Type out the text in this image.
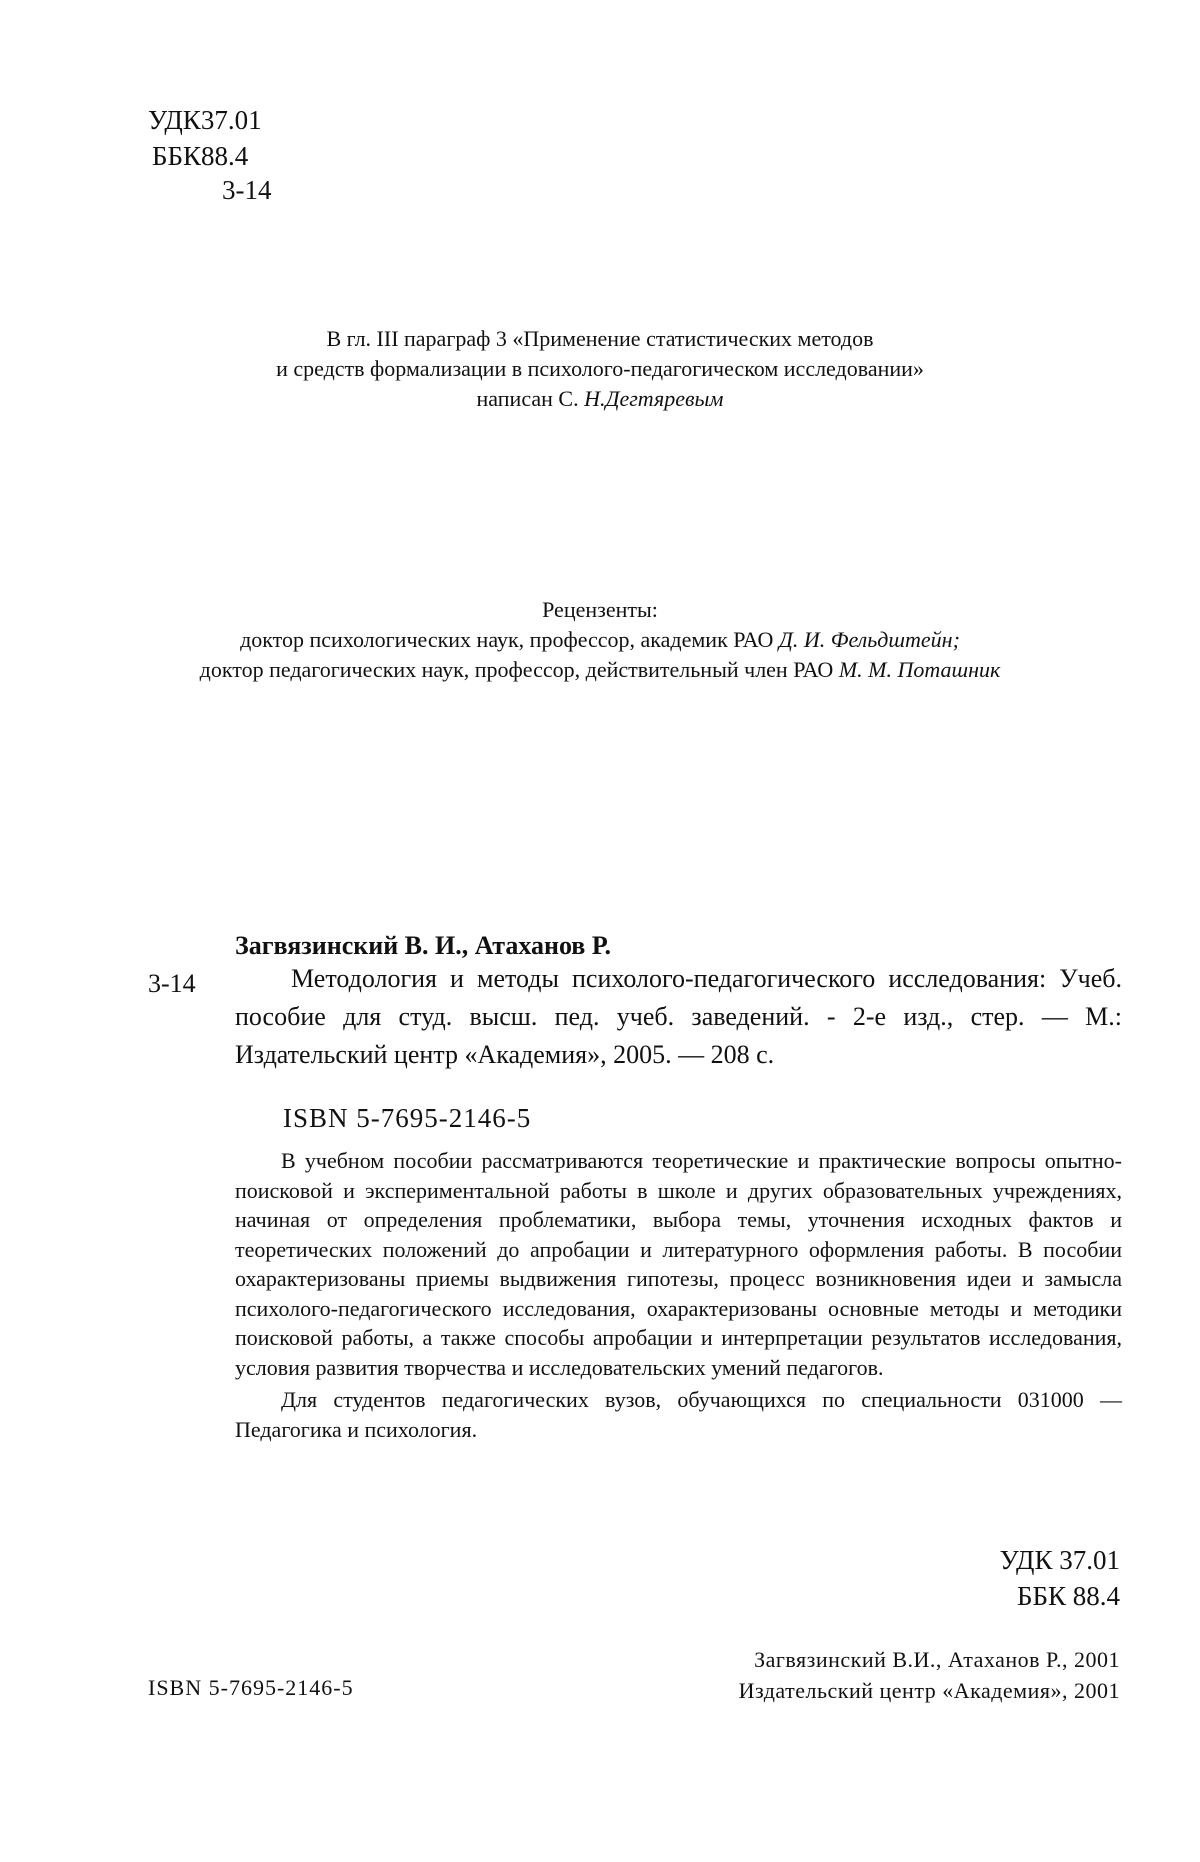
УДК37.01
ББК88.4
3-14
В гл. III параграф 3 «Применение статистических методов
и средств формализации в психолого-педагогическом исследовании»
написан С. Н.Дегтяревым
Рецензенты:
доктор психологических наук, профессор, академик РАО Д. И. Фельдштейн;
доктор педагогических наук, профессор, действительный член РАО М. М. Поташник
Загвязинский В. И., Атаханов Р.
3-14	Методология и методы психолого-педагогического исследования: Учеб. пособие для студ. высш. пед. учеб. заведений. - 2-е изд., стер. — М.: Издательский центр «Академия», 2005. — 208 с.
ISBN 5-7695-2146-5

В учебном пособии рассматриваются теоретические и практические вопросы опытно-поисковой и экспериментальной работы в школе и других образовательных учреждениях, начиная от определения проблематики, выбора темы, уточнения исходных фактов и теоретических положений до апробации и литературного оформления работы. В пособии охарактеризованы приемы выдвижения гипотезы, процесс возникновения идеи и замысла психолого-педагогического исследования, охарактеризованы основные методы и методики поисковой работы, а также способы апробации и интерпретации результатов исследования, условия развития творчества и исследовательских умений педагогов.

Для студентов педагогических вузов, обучающихся по специальности 031000 — Педагогика и психология.

УДК 37.01
ББК 88.4
Загвязинский В.И., Атаханов Р., 2001
Издательский центр «Академия», 2001
ISBN 5-7695-2146-5
